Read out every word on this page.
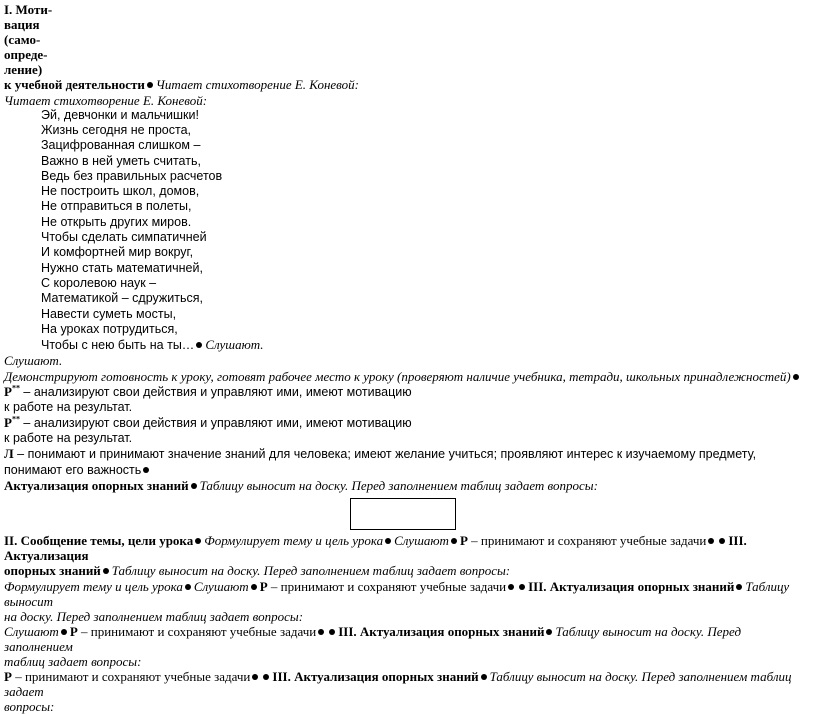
I. Моти-

вация

(само-

опреде-

ление)

к учебной деятельности Читает стихотворение Е. Коневой:

Читает стихотворение Е. Коневой:

Эй, девчонки и мальчишки!

Жизнь сегодня не проста,

Зацифрованная слишком –

Важно в ней уметь считать,

Ведь без правильных расчетов

Не построить школ, домов,

Не отправиться в полеты,

Не открыть других миров.

Чтобы сделать симпатичней

И комфортней мир вокруг,

Нужно стать математичней,

С королевою наук –

Математикой – сдружиться,

Навести суметь мосты,

На уроках потрудиться,

Чтобы с нею быть на ты… Слушают.

Слушают.

Демонстрируют готовность к уроку, готовят рабочее место к уроку (проверяют наличие учебника, тетради, школьных принадлежностей)Р** – анализируют свои действия и управляют ими, имеют мотивацию

к работе на результат.

Р** – анализируют свои действия и управляют ими, имеют мотивацию

к работе на результат.

Л – понимают и принимают значение знаний для человека; имеют желание учиться; проявляют интерес к изучаемому предмету, понимают его важность

Актуализация опорных знаний Таблицу выносит на доску. Перед заполнением таблиц задает вопросы:

II. Сообщение темы, цели урока Формулирует тему и цель урока Слушают Р – принимают и сохраняют учебные задачи III. Актуализация

опорных знаний Таблицу выносит на доску. Перед заполнением таблиц задает вопросы:

Формулирует тему и цель урока Слушают Р – принимают и сохраняют учебные задачи III. Актуализация опорных знаний Таблицу выносит

на доску. Перед заполнением таблиц задает вопросы:

Слушают Р – принимают и сохраняют учебные задачи III. Актуализация опорных знаний Таблицу выносит на доску. Перед заполнением

таблиц задает вопросы:

Р – принимают и сохраняют учебные задачи III. Актуализация опорных знаний Таблицу выносит на доску. Перед заполнением таблиц задает

вопросы:
